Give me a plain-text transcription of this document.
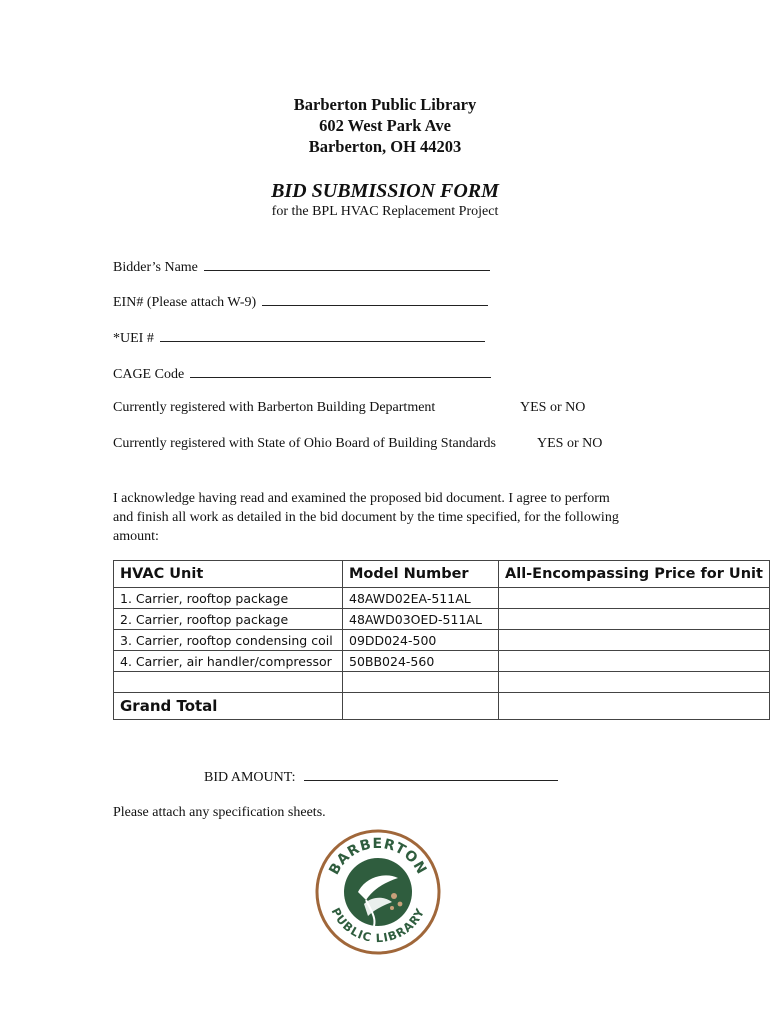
Barberton Public Library
602 West Park Ave
Barberton, OH 44203
BID SUBMISSION FORM
for the BPL HVAC Replacement Project
Bidder’s Name
EIN# (Please attach W-9)
*UEI #
CAGE Code
Currently registered with Barberton Building Department	YES or NO
Currently registered with State of Ohio Board of Building Standards	YES or NO
I acknowledge having read and examined the proposed bid document. I agree to perform
and finish all work as detailed in the bid document by the time specified, for the following
amount:
HVAC Unit	Model Number	All-Encompassing Price for Unit
1. Carrier, rooftop package	48AWD02EA-511AL	
2. Carrier, rooftop package	48AWD03OED-511AL	
3. Carrier, rooftop condensing coil	09DD024-500	
4. Carrier, air handler/compressor	50BB024-560	

Grand Total		
BID AMOUNT:
Please attach any specification sheets.
BARBERTON
PUBLIC LIBRARY
